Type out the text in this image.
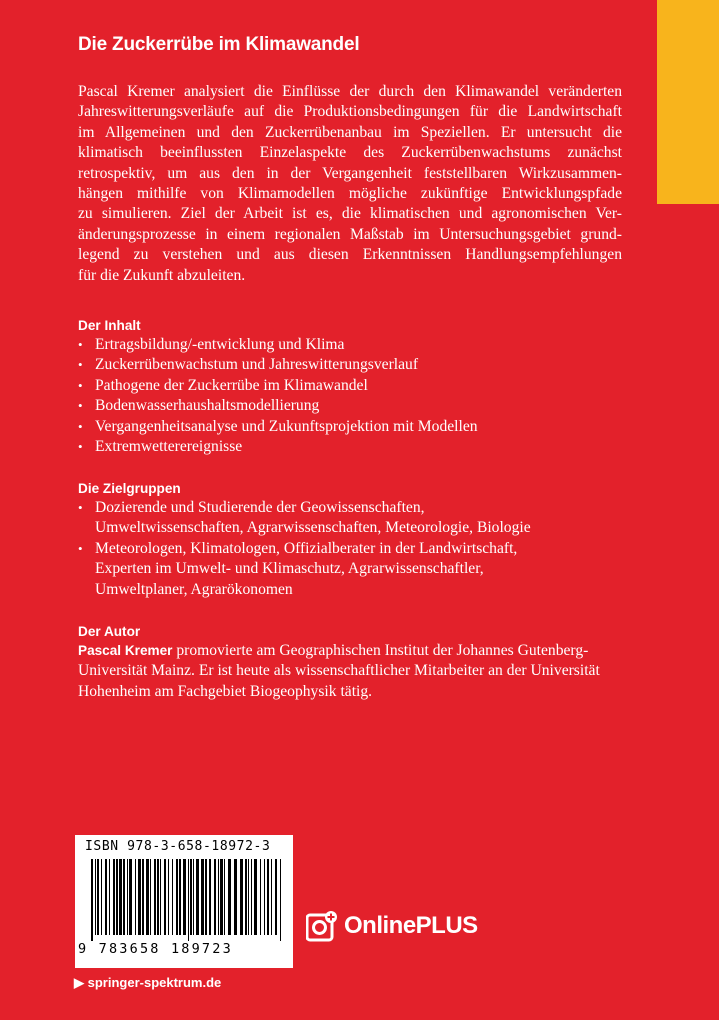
Die Zuckerrübe im Klimawandel
Pascal Kremer analysiert die Einflüsse der durch den Klimawandel veränderten
Jahreswitterungsverläufe auf die Produktionsbedingungen für die Landwirtschaft
im Allgemeinen und den Zuckerrübenanbau im Speziellen. Er untersucht die
klimatisch beeinflussten Einzelaspekte des Zuckerrübenwachstums zunächst
retrospektiv, um aus den in der Vergangenheit feststellbaren Wirkzusammen-
hängen mithilfe von Klimamodellen mögliche zukünftige Entwicklungspfade
zu simulieren. Ziel der Arbeit ist es, die klimatischen und agronomischen Ver-
änderungsprozesse in einem regionalen Maßstab im Untersuchungsgebiet grund-
legend zu verstehen und aus diesen Erkenntnissen Handlungsempfehlungen
für die Zukunft abzuleiten.
Der Inhalt
• Ertragsbildung/-entwicklung und Klima
• Zuckerrübenwachstum und Jahreswitterungsverlauf
• Pathogene der Zuckerrübe im Klimawandel
• Bodenwasserhaushaltsmodellierung
• Vergangenheitsanalyse und Zukunftsprojektion mit Modellen
• Extremwetterereignisse
Die Zielgruppen
• Dozierende und Studierende der Geowissenschaften,
Umweltwissenschaften, Agrarwissenschaften, Meteorologie, Biologie
• Meteorologen, Klimatologen, Offizialberater in der Landwirtschaft,
Experten im Umwelt- und Klimaschutz, Agrarwissenschaftler,
Umweltplaner, Agrarökonomen
Der Autor
Pascal Kremer promovierte am Geographischen Institut der Johannes Gutenberg-
Universität Mainz. Er ist heute als wissenschaftlicher Mitarbeiter an der Universität
Hohenheim am Fachgebiet Biogeophysik tätig.
ISBN 978-3-658-18972-3
9 783658 189723
▶ springer-spektrum.de
OnlinePLUS
